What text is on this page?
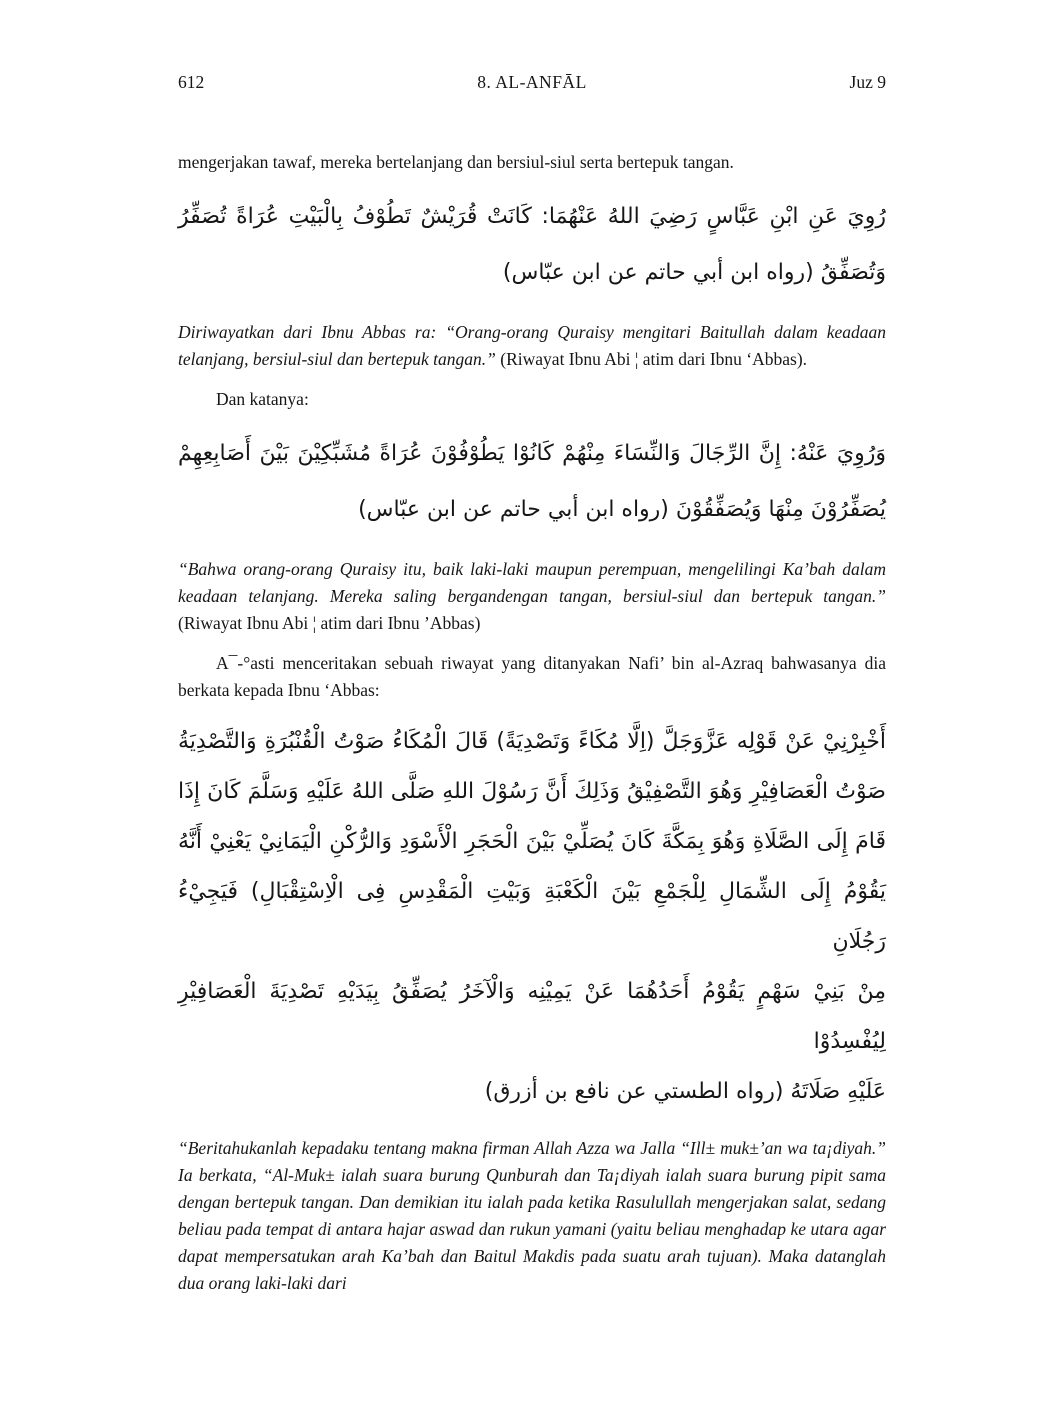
612	8. AL-ANFĀL	Juz 9

mengerjakan tawaf, mereka bertelanjang dan bersiul-siul serta bertepuk tangan.

رُوِيَ عَنِ ابْنِ عَبَّاسٍ رَضِيَ اللهُ عَنْهُمَا: كَانَتْ قُرَيْشٌ تَطُوْفُ بِالْبَيْتِ عُرَاةً تُصَفِّرُ
وَتُصَفِّقُ (رواه ابن أبي حاتم عن ابن عبّاس)

Diriwayatkan dari Ibnu Abbas ra: “Orang-orang Quraisy mengitari Baitullah dalam keadaan telanjang, bersiul-siul dan bertepuk tangan.” (Riwayat Ibnu Abi ¦ atim dari Ibnu ‘Abbas).

Dan katanya:

وَرُوِيَ عَنْهُ: إِنَّ الرِّجَالَ وَالنِّسَاءَ مِنْهُمْ كَانُوْا يَطُوْفُوْنَ عُرَاةً مُشَبِّكِيْنَ بَيْنَ أَصَابِعِهِمْ
يُصَفِّرُوْنَ مِنْهَا وَيُصَفِّقُوْنَ (رواه ابن أبي حاتم عن ابن عبّاس)

“Bahwa orang-orang Quraisy itu, baik laki-laki maupun perempuan, mengelilingi Ka’bah dalam keadaan telanjang. Mereka saling bergandengan tangan, bersiul-siul dan bertepuk tangan.” (Riwayat Ibnu Abi ¦ atim dari Ibnu ’Abbas)

A¯-°asti menceritakan sebuah riwayat yang ditanyakan Nafi’ bin al-Azraq bahwasanya dia berkata kepada Ibnu ‘Abbas:

أَخْبِرْنِيْ عَنْ قَوْلِه عَزَّوَجَلَّ (اِلَّا مُكَاءً وَتَصْدِيَةً) قَالَ الْمُكَاءُ صَوْتُ الْقُنْبُرَةِ وَالتَّصْدِيَةُ
صَوْتُ الْعَصَافِيْرِ وَهُوَ التَّصْفِيْقُ وَذَلِكَ أَنَّ رَسُوْلَ اللهِ صَلَّى اللهُ عَلَيْهِ وَسَلَّمَ كَانَ إِذَا
قَامَ إِلَى الصَّلَاةِ وَهُوَ بِمَكَّةَ كَانَ يُصَلِّيْ بَيْنَ الْحَجَرِ الْأَسْوَدِ وَالرُّكْنِ الْيَمَانِيْ يَعْنِيْ أَنَّهُ
يَقُوْمُ إِلَى الشِّمَالِ لِلْجَمْعِ بَيْنَ الْكَعْبَةِ وَبَيْتِ الْمَقْدِسِ فِى الْاِسْتِقْبَالِ) فَيَجِيْءُ رَجُلَانِ
مِنْ بَنِيْ سَهْمٍ يَقُوْمُ أَحَدُهُمَا عَنْ يَمِيْنِه وَالْآخَرُ يُصَفِّقُ بِيَدَيْهِ تَصْدِيَةَ الْعَصَافِيْرِ لِيُفْسِدُوْا
عَلَيْهِ صَلَاتَهُ (رواه الطستي عن نافع بن أزرق)

“Beritahukanlah kepadaku tentang makna firman Allah Azza wa Jalla “Ill± muk±’an wa ta¡diyah.” Ia berkata, “Al-Muk± ialah suara burung Qunburah dan Ta¡diyah ialah suara burung pipit sama dengan bertepuk tangan. Dan demikian itu ialah pada ketika Rasulullah mengerjakan salat, sedang beliau pada tempat di antara hajar aswad dan rukun yamani (yaitu beliau menghadap ke utara agar dapat mempersatukan arah Ka’bah dan Baitul Makdis pada suatu arah tujuan). Maka datanglah dua orang laki-laki dari
